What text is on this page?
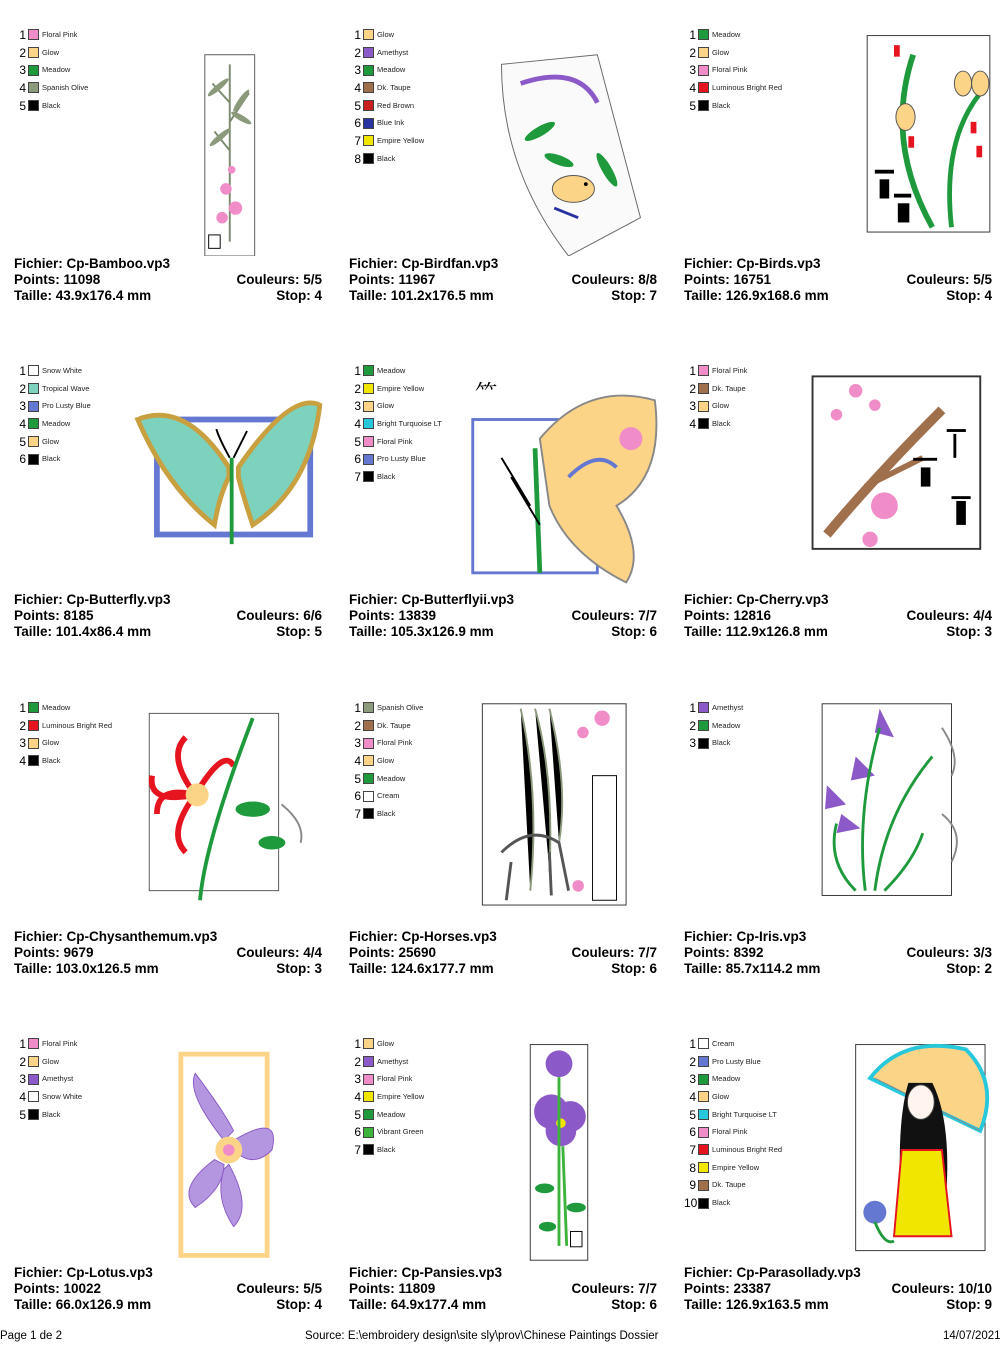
1 Floral Pink
2 Glow
3 Meadow
4 Spanish Olive
5 Black
Fichier: Cp-Bamboo.vp3
Points: 11098	Couleurs: 5/5
Taille: 43.9x176.4 mm	Stop: 4
1 Glow
2 Amethyst
3 Meadow
4 Dk. Taupe
5 Red Brown
6 Blue Ink
7 Empire Yellow
8 Black
Fichier: Cp-Birdfan.vp3
Points: 11967	Couleurs: 8/8
Taille: 101.2x176.5 mm	Stop: 7
1 Meadow
2 Glow
3 Floral Pink
4 Luminous Bright Red
5 Black
Fichier: Cp-Birds.vp3
Points: 16751	Couleurs: 5/5
Taille: 126.9x168.6 mm	Stop: 4
1 Snow White
2 Tropical Wave
3 Pro Lusty Blue
4 Meadow
5 Glow
6 Black
Fichier: Cp-Butterfly.vp3
Points: 8185	Couleurs: 6/6
Taille: 101.4x86.4 mm	Stop: 5
1 Meadow
2 Empire Yellow
3 Glow
4 Bright Turquoise LT
5 Floral Pink
6 Pro Lusty Blue
7 Black
⺮
Fichier: Cp-Butterflyii.vp3
Points: 13839	Couleurs: 7/7
Taille: 105.3x126.9 mm	Stop: 6
1 Floral Pink
2 Dk. Taupe
3 Glow
4 Black
Fichier: Cp-Cherry.vp3
Points: 12816	Couleurs: 4/4
Taille: 112.9x126.8 mm	Stop: 3
1 Meadow
2 Luminous Bright Red
3 Glow
4 Black
Fichier: Cp-Chysanthemum.vp3
Points: 9679	Couleurs: 4/4
Taille: 103.0x126.5 mm	Stop: 3
1 Spanish Olive
2 Dk. Taupe
3 Floral Pink
4 Glow
5 Meadow
6 Cream
7 Black
Fichier: Cp-Horses.vp3
Points: 25690	Couleurs: 7/7
Taille: 124.6x177.7 mm	Stop: 6
1 Amethyst
2 Meadow
3 Black
Fichier: Cp-Iris.vp3
Points: 8392	Couleurs: 3/3
Taille: 85.7x114.2 mm	Stop: 2
1 Floral Pink
2 Glow
3 Amethyst
4 Snow White
5 Black
Fichier: Cp-Lotus.vp3
Points: 10022	Couleurs: 5/5
Taille: 66.0x126.9 mm	Stop: 4
1 Glow
2 Amethyst
3 Floral Pink
4 Empire Yellow
5 Meadow
6 Vibrant Green
7 Black
Fichier: Cp-Pansies.vp3
Points: 11809	Couleurs: 7/7
Taille: 64.9x177.4 mm	Stop: 6
1 Cream
2 Pro Lusty Blue
3 Meadow
4 Glow
5 Bright Turquoise LT
6 Floral Pink
7 Luminous Bright Red
8 Empire Yellow
9 Dk. Taupe
10 Black
Fichier: Cp-Parasollady.vp3
Points: 23387	Couleurs: 10/10
Taille: 126.9x163.5 mm	Stop: 9
Page 1 de 2	Source: E:\embroidery design\site sly\prov\Chinese Paintings Dossier	14/07/2021
